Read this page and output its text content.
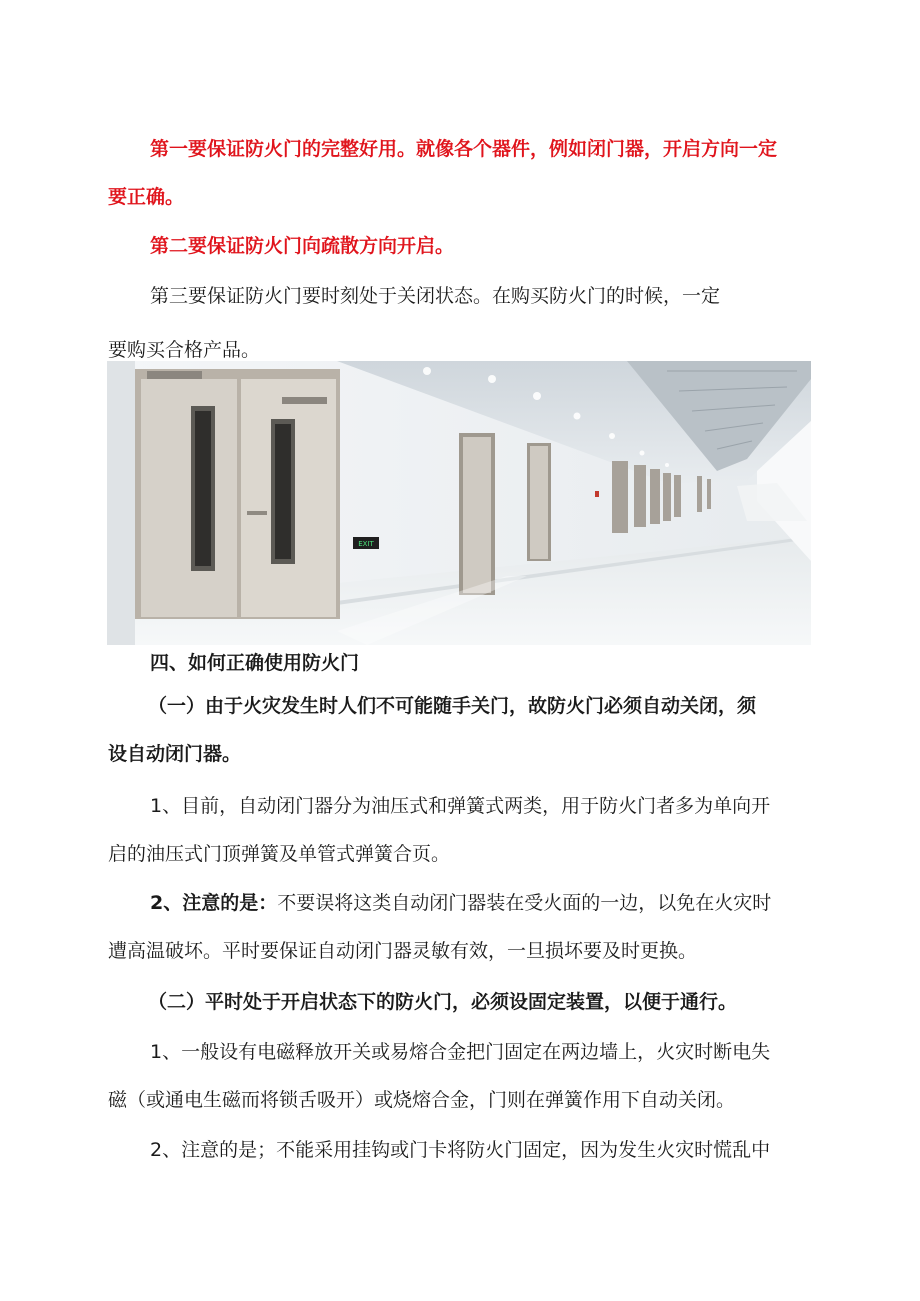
第一要保证防火门的完整好用。就像各个器件，例如闭门器，开启方向一定
要正确。
第二要保证防火门向疏散方向开启。
第三要保证防火门要时刻处于关闭状态。在购买防火门的时候，一定
要购买合格产品。
EXIT
四、如何正确使用防火门
（一）由于火灾发生时人们不可能随手关门，故防火门必须自动关闭，须
设自动闭门器。
1、目前，自动闭门器分为油压式和弹簧式两类，用于防火门者多为单向开
启的油压式门顶弹簧及单管式弹簧合页。
2、注意的是：不要误将这类自动闭门器装在受火面的一边，以免在火灾时
遭高温破坏。平时要保证自动闭门器灵敏有效，一旦损坏要及时更换。
（二）平时处于开启状态下的防火门，必须设固定装置，以便于通行。
1、一般设有电磁释放开关或易熔合金把门固定在两边墙上，火灾时断电失
磁（或通电生磁而将锁舌吸开）或烧熔合金，门则在弹簧作用下自动关闭。
2、注意的是；不能采用挂钩或门卡将防火门固定，因为发生火灾时慌乱中
